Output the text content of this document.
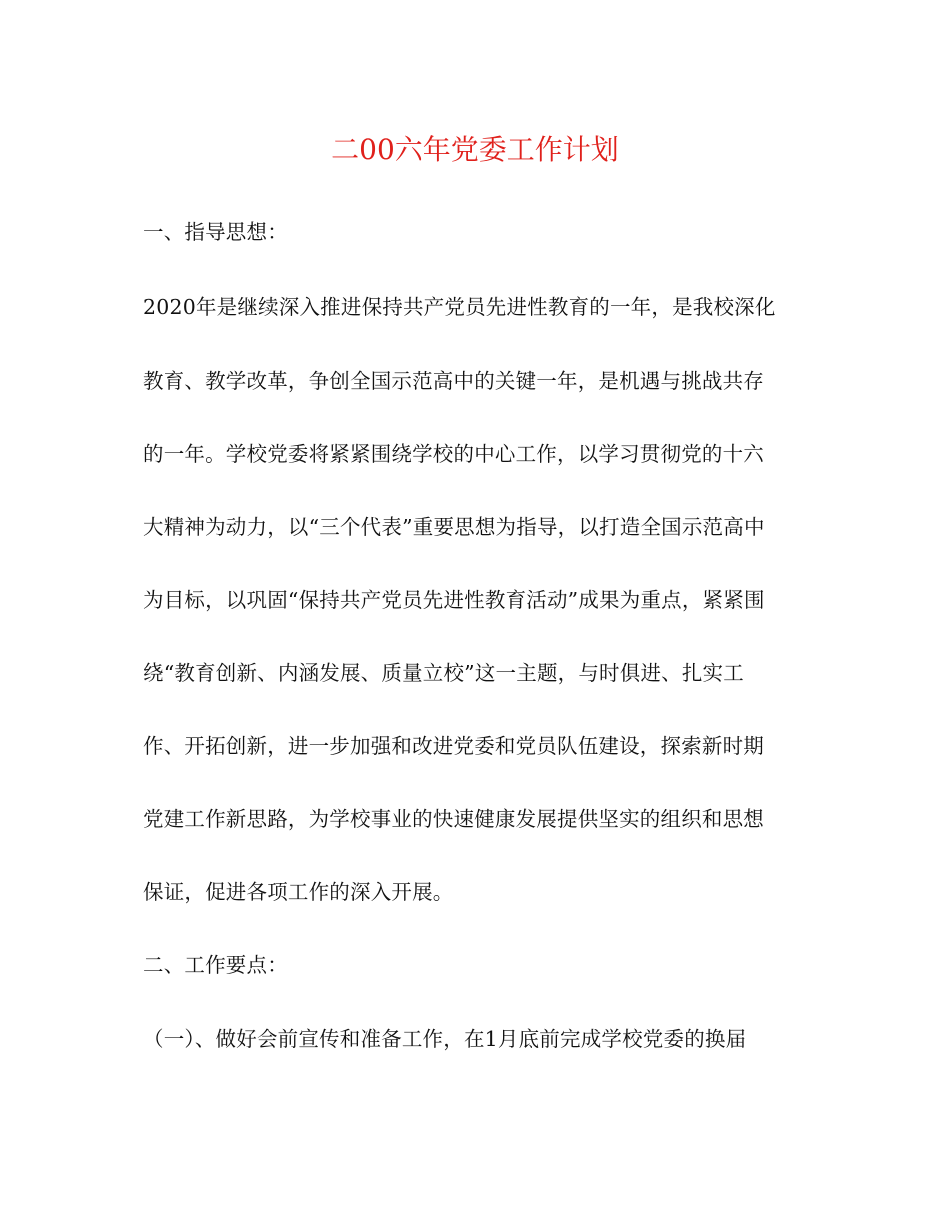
二00六年党委工作计划
一、指导思想：
2020年是继续深入推进保持共产党员先进性教育的一年，是我校深化
教育、教学改革，争创全国示范高中的关键一年，是机遇与挑战共存
的一年。学校党委将紧紧围绕学校的中心工作，以学习贯彻党的十六
大精神为动力，以“三个代表”重要思想为指导，以打造全国示范高中
为目标，以巩固“保持共产党员先进性教育活动”成果为重点，紧紧围
绕“教育创新、内涵发展、质量立校”这一主题，与时俱进、扎实工
作、开拓创新，进一步加强和改进党委和党员队伍建设，探索新时期
党建工作新思路，为学校事业的快速健康发展提供坚实的组织和思想
保证，促进各项工作的深入开展。
二、工作要点：
（一）、做好会前宣传和准备工作，在1月底前完成学校党委的换届
